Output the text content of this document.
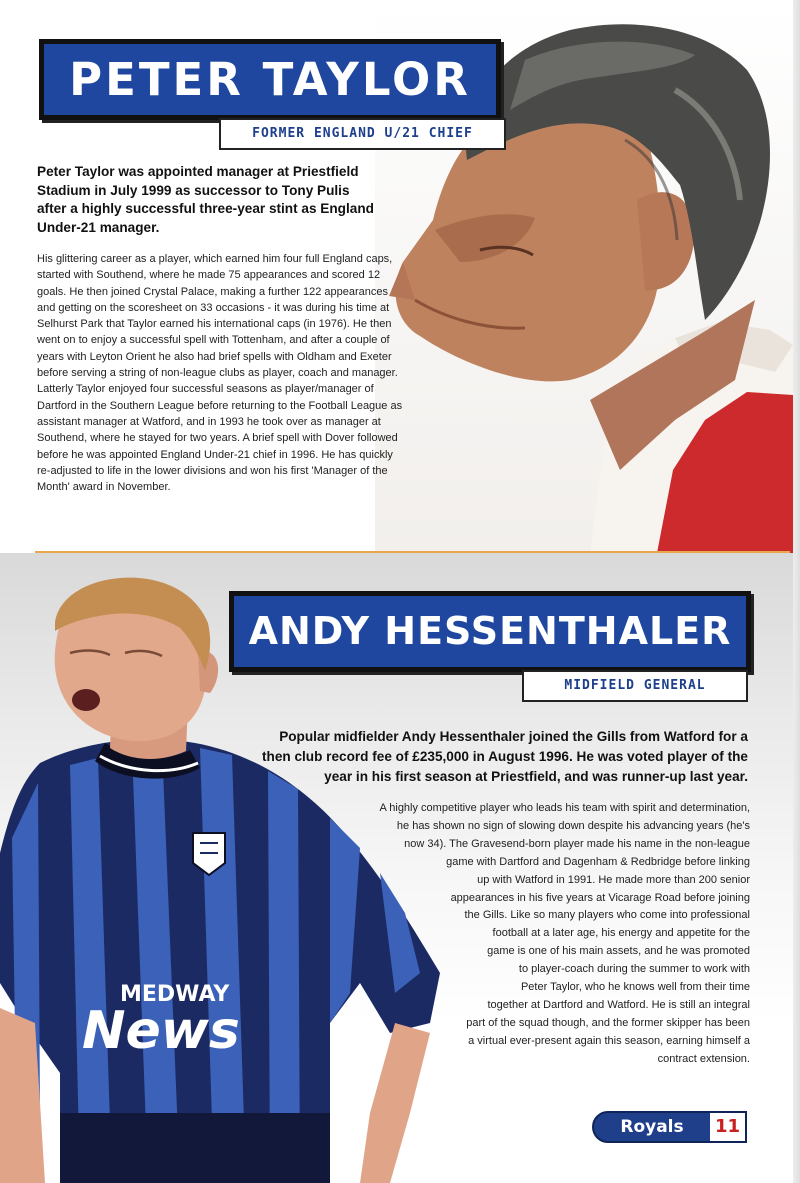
PETER TAYLOR
FORMER ENGLAND U/21 CHIEF
Peter Taylor was appointed manager at Priestfield Stadium in July 1999 as successor to Tony Pulis after a highly successful three-year stint as England Under-21 manager.

His glittering career as a player, which earned him four full England caps, started with Southend, where he made 75 appearances and scored 12 goals. He then joined Crystal Palace, making a further 122 appearances and getting on the scoresheet on 33 occasions - it was during his time at Selhurst Park that Taylor earned his international caps (in 1976). He then went on to enjoy a successful spell with Tottenham, and after a couple of years with Leyton Orient he also had brief spells with Oldham and Exeter before serving a string of non-league clubs as player, coach and manager. Latterly Taylor enjoyed four successful seasons as player/manager of Dartford in the Southern League before returning to the Football League as assistant manager at Watford, and in 1993 he took over as manager at Southend, where he stayed for two years. A brief spell with Dover followed before he was appointed England Under-21 chief in 1996. He has quickly re-adjusted to life in the lower divisions and won his first 'Manager of the Month' award in November.

MEDWAY
News
ANDY HESSENTHALER
MIDFIELD GENERAL
Popular midfielder Andy Hessenthaler joined the Gills from Watford for a then club record fee of £235,000 in August 1996. He was voted player of the year in his first season at Priestfield, and was runner-up last year.
A highly competitive player who leads his team with spirit and determination,
he has shown no sign of slowing down despite his advancing years (he's
now 34). The Gravesend-born player made his name in the non-league
game with Dartford and Dagenham & Redbridge before linking
up with Watford in 1991. He made more than 200 senior
appearances in his five years at Vicarage Road before joining
the Gills. Like so many players who come into professional
football at a later age, his energy and appetite for the
game is one of his main assets, and he was promoted
to player-coach during the summer to work with
Peter Taylor, who he knows well from their time
together at Dartford and Watford. He is still an integral
part of the squad though, and the former skipper has been
a virtual ever-present again this season, earning himself a
contract extension.
Royals	11
